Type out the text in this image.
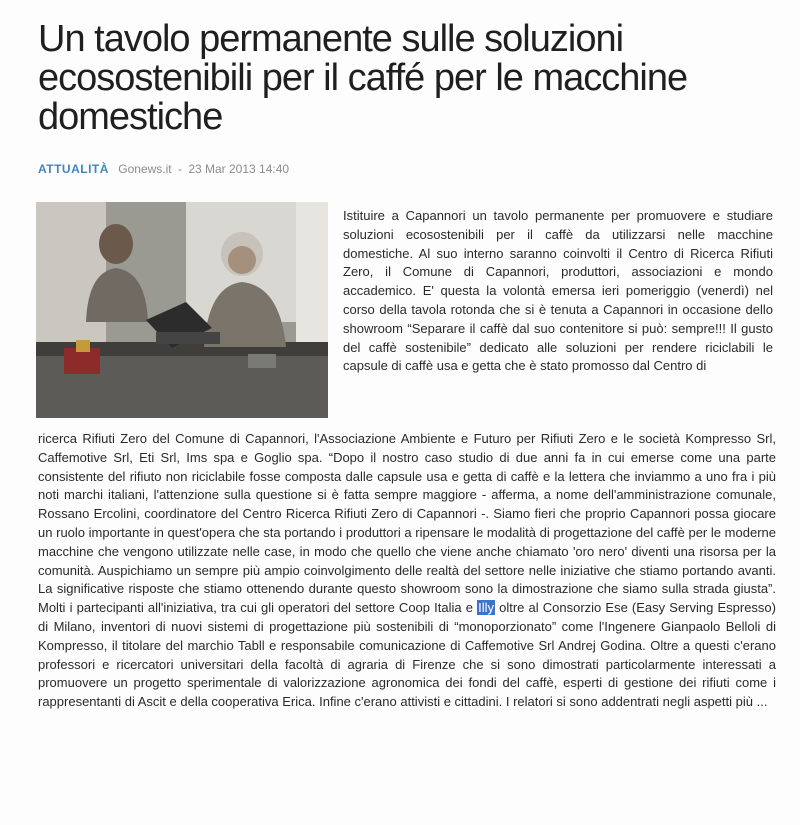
Un tavolo permanente sulle soluzioni ecosostenibili per il caffé per le macchine domestiche
ATTUALITÀ Gonews.it - 23 Mar 2013 14:40

Istituire a Capannori un tavolo permanente per promuovere e studiare soluzioni ecosostenibili per il caffè da utilizzarsi nelle macchine domestiche. Al suo interno saranno coinvolti il Centro di Ricerca Rifiuti Zero, il Comune di Capannori, produttori, associazioni e mondo accademico. E' questa la volontà emersa ieri pomeriggio (venerdì) nel corso della tavola rotonda che si è tenuta a Capannori in occasione dello showroom “Separare il caffè dal suo contenitore si può: sempre!!! Il gusto del caffè sostenibile” dedicato alle soluzioni per rendere riciclabili le capsule di caffè usa e getta che è stato promosso dal Centro di

ricerca Rifiuti Zero del Comune di Capannori, l'Associazione Ambiente e Futuro per Rifiuti Zero e le società Kompresso Srl, Caffemotive Srl, Eti Srl, Ims spa e Goglio spa. “Dopo il nostro caso studio di due anni fa in cui emerse come una parte consistente del rifiuto non riciclabile fosse composta dalle capsule usa e getta di caffè e la lettera che inviammo a uno fra i più noti marchi italiani, l'attenzione sulla questione si è fatta sempre maggiore - afferma, a nome dell'amministrazione comunale, Rossano Ercolini, coordinatore del Centro Ricerca Rifiuti Zero di Capannori -. Siamo fieri che proprio Capannori possa giocare un ruolo importante in quest'opera che sta portando i produttori a ripensare le modalità di progettazione del caffè per le moderne macchine che vengono utilizzate nelle case, in modo che quello che viene anche chiamato 'oro nero' diventi una risorsa per la comunità. Auspichiamo un sempre più ampio coinvolgimento delle realtà del settore nelle iniziative che stiamo portando avanti. La significative risposte che stiamo ottenendo durante questo showroom sono la dimostrazione che siamo sulla strada giusta”. Molti i partecipanti all'iniziativa, tra cui gli operatori del settore Coop Italia e Illy oltre al Consorzio Ese (Easy Serving Espresso) di Milano, inventori di nuovi sistemi di progettazione più sostenibili di “monoporzionato” come l'Ingenere Gianpaolo Belloli di Kompresso, il titolare del marchio Tabll e responsabile comunicazione di Caffemotive Srl Andrej Godina. Oltre a questi c'erano professori e ricercatori universitari della facoltà di agraria di Firenze che si sono dimostrati particolarmente interessati a promuovere un progetto sperimentale di valorizzazione agronomica dei fondi del caffè, esperti di gestione dei rifiuti come i rappresentanti di Ascit e della cooperativa Erica. Infine c'erano attivisti e cittadini. I relatori si sono addentrati negli aspetti più ...
